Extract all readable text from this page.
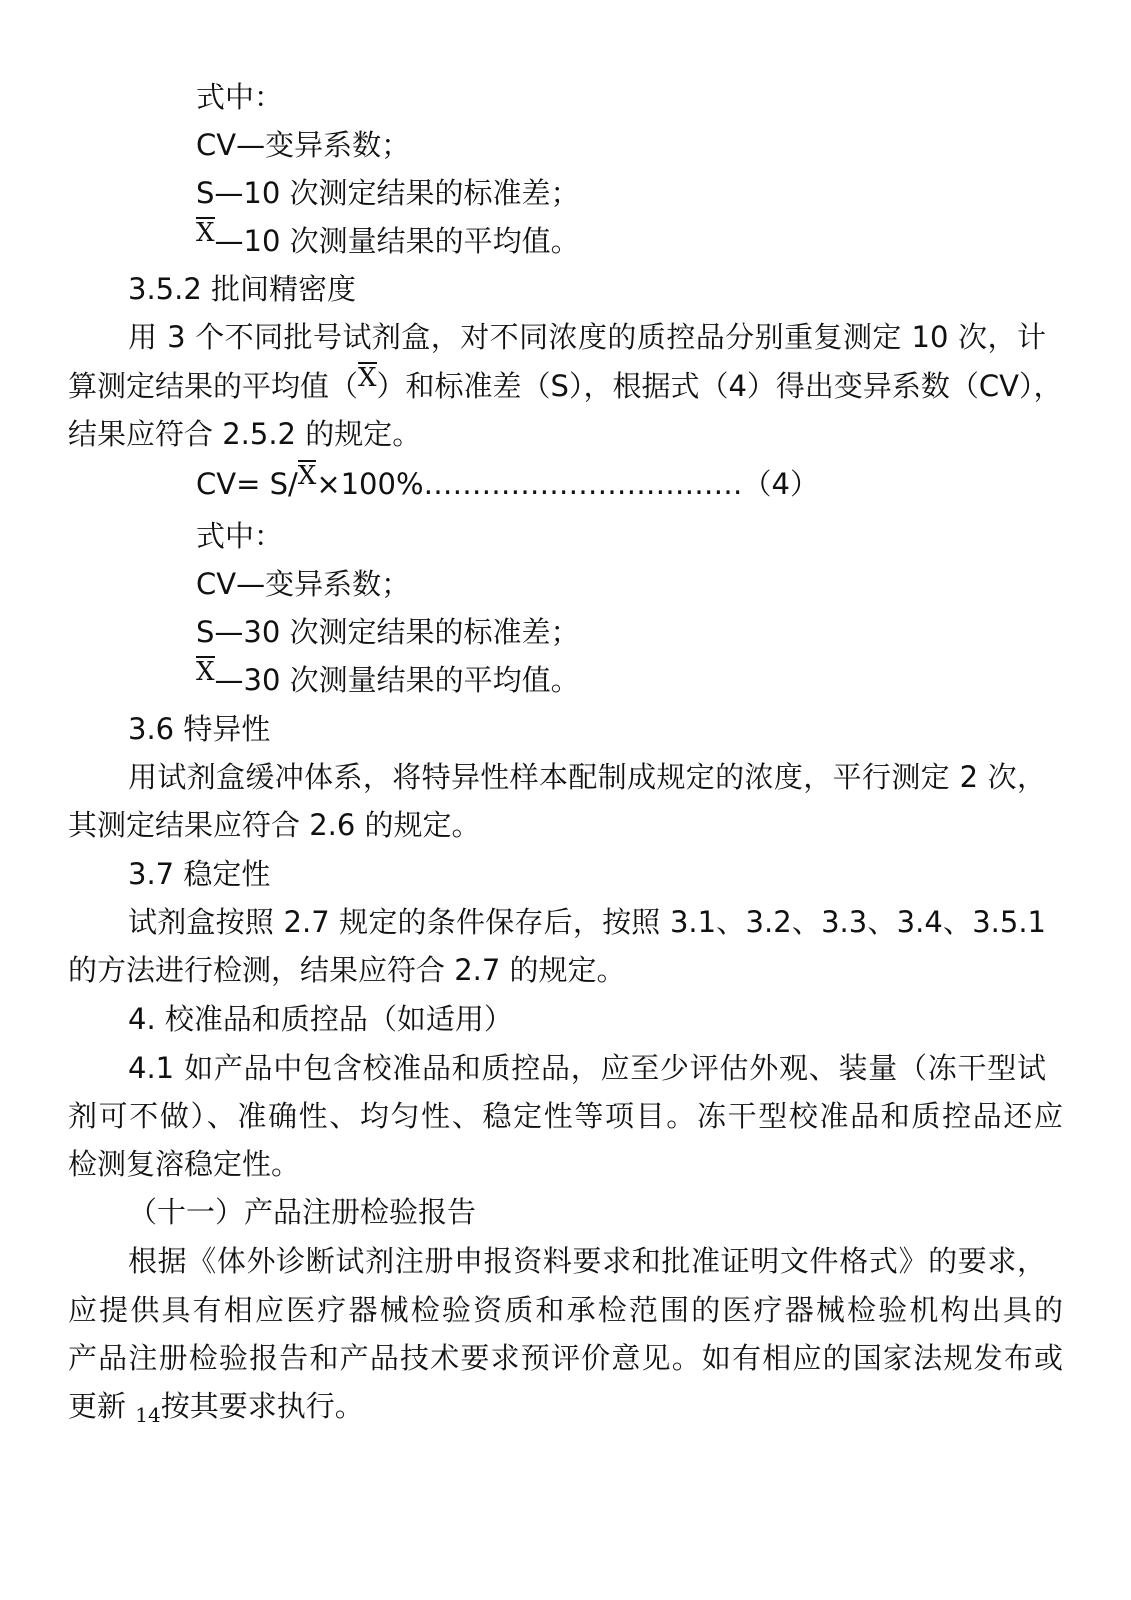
式中：
CV—变异系数；
S—10 次测定结果的标准差；
X—10 次测量结果的平均值。
3.5.2 批间精密度
用 3 个不同批号试剂盒，对不同浓度的质控品分别重复测定 10 次，计
算测定结果的平均值（X）和标准差（S），根据式（4）得出变异系数（CV），
结果应符合 2.5.2 的规定。
CV= S/X×100%……………………………（4）
式中：
CV—变异系数；
S—30 次测定结果的标准差；
X—30 次测量结果的平均值。
3.6 特异性
用试剂盒缓冲体系，将特异性样本配制成规定的浓度，平行测定 2 次，
其测定结果应符合 2.6 的规定。
3.7 稳定性
试剂盒按照 2.7 规定的条件保存后，按照 3.1、3.2、3.3、3.4、3.5.1
的方法进行检测，结果应符合 2.7 的规定。
4. 校准品和质控品（如适用）
4.1 如产品中包含校准品和质控品，应至少评估外观、装量（冻干型试
剂可不做）、准确性、均匀性、稳定性等项目。冻干型校准品和质控品还应
检测复溶稳定性。
（十一）产品注册检验报告
根据《体外诊断试剂注册申报资料要求和批准证明文件格式》的要求，
应提供具有相应医疗器械检验资质和承检范围的医疗器械检验机构出具的
产品注册检验报告和产品技术要求预评价意见。如有相应的国家法规发布或
更新 $_{14}$按其要求执行。
